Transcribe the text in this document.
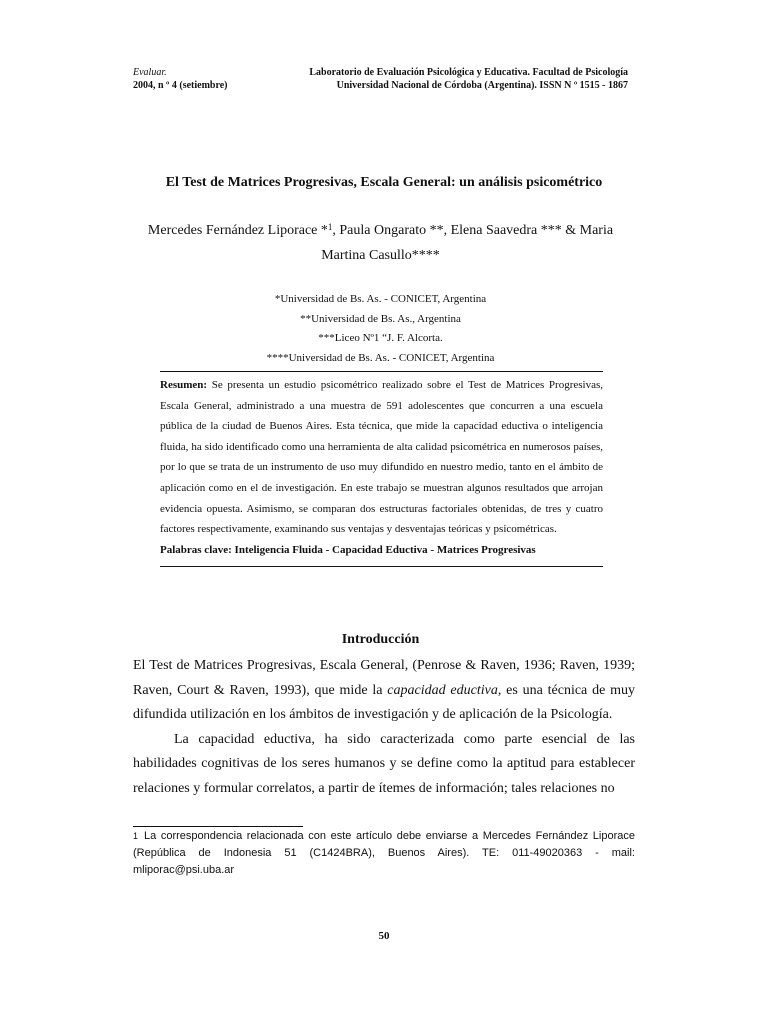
Evaluar.
2004, n º 4 (setiembre)
Laboratorio de Evaluación Psicológica y Educativa. Facultad de Psicología
Universidad Nacional de Córdoba (Argentina). ISSN N º 1515 - 1867
El Test de Matrices Progresivas, Escala General: un análisis psicométrico
Mercedes Fernández Liporace *$^1$, Paula Ongarato **, Elena Saavedra *** & Maria
Martina Casullo****
*Universidad de Bs. As. - CONICET, Argentina
**Universidad de Bs. As., Argentina
***Liceo Nº1 “J. F. Alcorta.
****Universidad de Bs. As. - CONICET, Argentina

Resumen: Se presenta un estudio psicométrico realizado sobre el Test de Matrices Progresivas, Escala General, administrado a una muestra de 591 adolescentes que concurren a una escuela pública de la ciudad de Buenos Aires. Esta técnica, que mide la capacidad eductiva o inteligencia fluida, ha sido identificado como una herramienta de alta calidad psicométrica en numerosos países, por lo que se trata de un instrumento de uso muy difundido en nuestro medio, tanto en el ámbito de aplicación como en el de investigación. En este trabajo se muestran algunos resultados que arrojan evidencia opuesta. Asimismo, se comparan dos estructuras factoriales obtenidas, de tres y cuatro factores respectivamente, examinando sus ventajas y desventajas teóricas y psicométricas.

Palabras clave: Inteligencia Fluida - Capacidad Eductiva - Matrices Progresivas

Introducción

El Test de Matrices Progresivas, Escala General, (Penrose & Raven, 1936; Raven, 1939; Raven, Court & Raven, 1993), que mide la capacidad eductiva, es una técnica de muy difundida utilización en los ámbitos de investigación y de aplicación de la Psicología.

La capacidad eductiva, ha sido caracterizada como parte esencial de las habilidades cognitivas de los seres humanos y se define como la aptitud para establecer relaciones y formular correlatos, a partir de ítemes de información; tales relaciones no

$^1$ La correspondencia relacionada con este artículo debe enviarse a Mercedes Fernández Liporace (República de Indonesia 51 (C1424BRA), Buenos Aires). TE: 011-49020363 - mail: mliporac@psi.uba.ar
50
